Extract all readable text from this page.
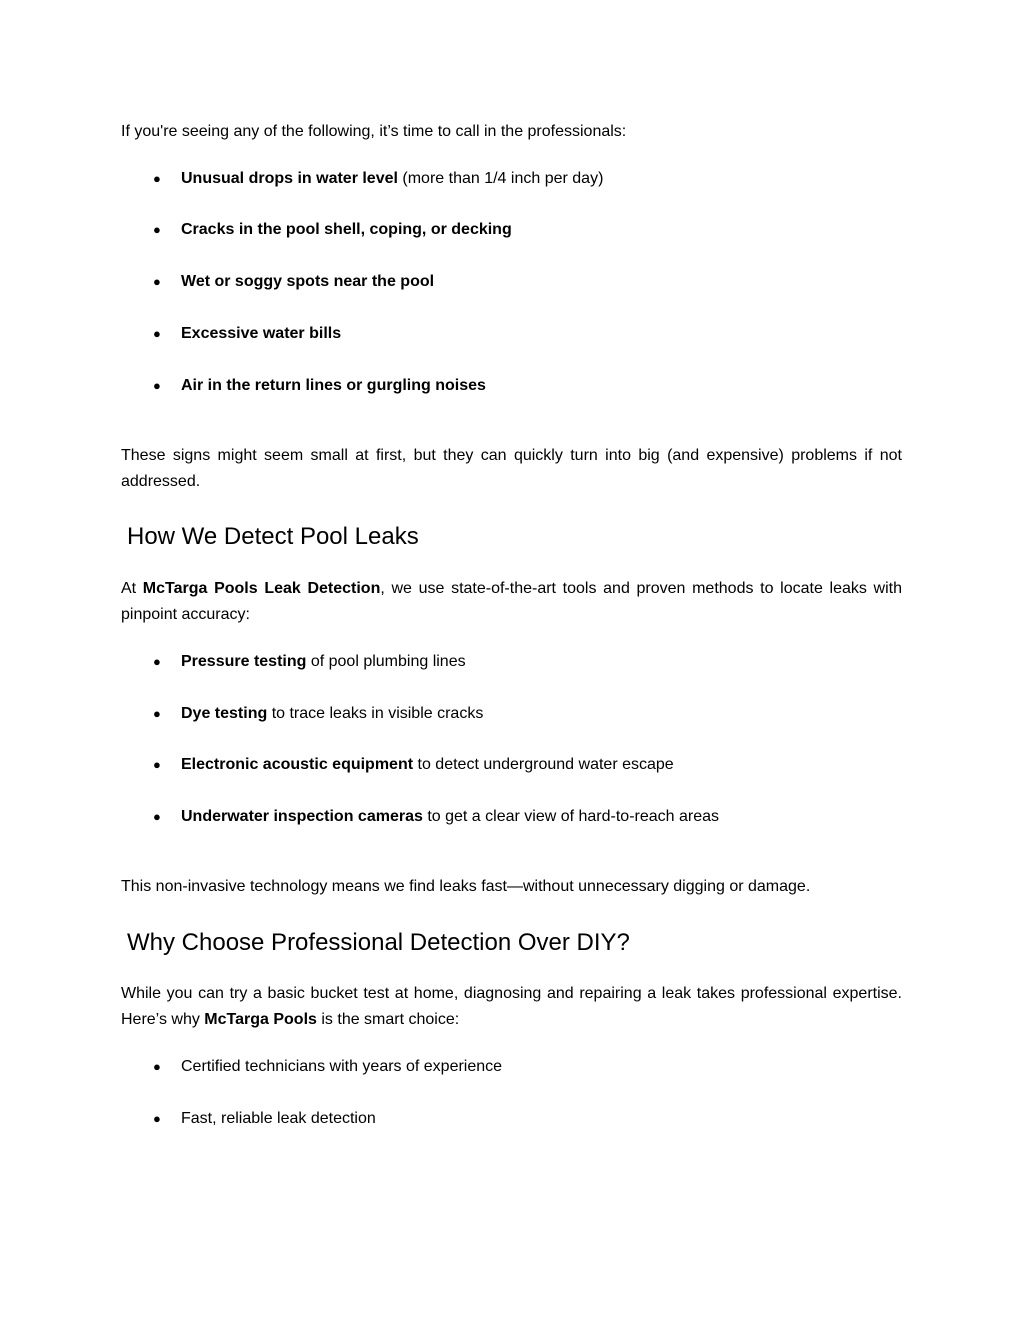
If you're seeing any of the following, it’s time to call in the professionals:
● Unusual drops in water level (more than 1/4 inch per day)
● Cracks in the pool shell, coping, or decking
● Wet or soggy spots near the pool
● Excessive water bills
● Air in the return lines or gurgling noises
These signs might seem small at first, but they can quickly turn into big (and expensive) problems if not addressed.
How We Detect Pool Leaks
At McTarga Pools Leak Detection, we use state-of-the-art tools and proven methods to locate leaks with pinpoint accuracy:
● Pressure testing of pool plumbing lines
● Dye testing to trace leaks in visible cracks
● Electronic acoustic equipment to detect underground water escape
● Underwater inspection cameras to get a clear view of hard-to-reach areas
This non-invasive technology means we find leaks fast—without unnecessary digging or damage.
Why Choose Professional Detection Over DIY?
While you can try a basic bucket test at home, diagnosing and repairing a leak takes professional expertise. Here’s why McTarga Pools is the smart choice:
● Certified technicians with years of experience
● Fast, reliable leak detection
